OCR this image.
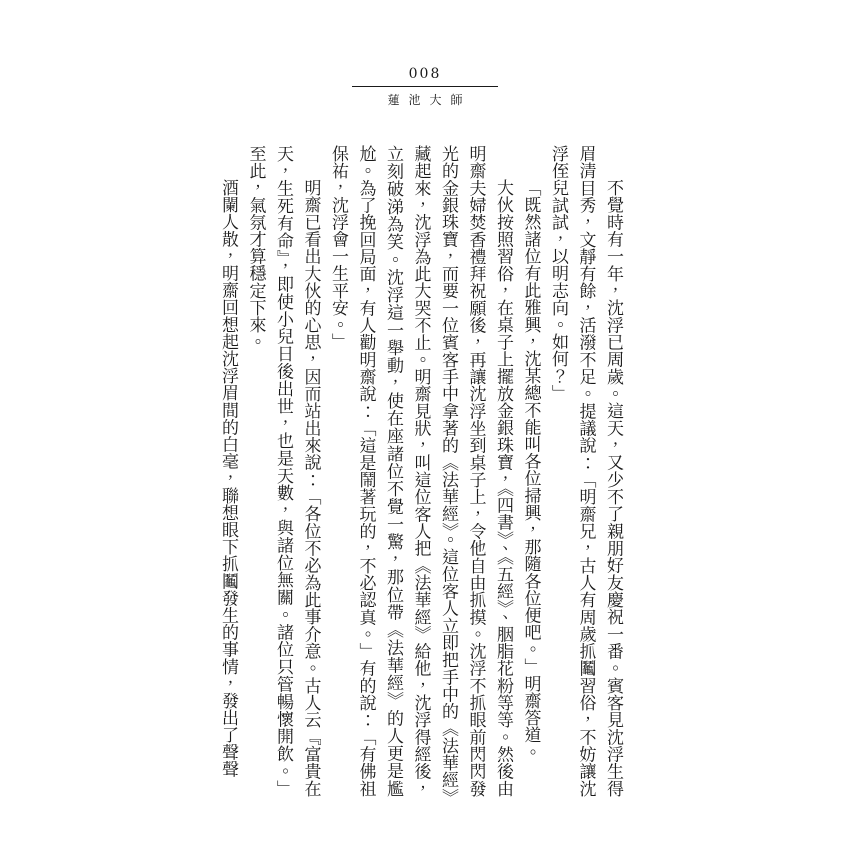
008
蓮池大師

不覺時有一年，沈浮已周歲。這天，又少不了親朋好友慶祝一番。賓客見沈浮生得眉清目秀，文靜有餘，活潑不足。提議說：「明齋兄，古人有周歲抓鬮習俗，不妨讓沈浮侄兒試試，以明志向。如何？」

「既然諸位有此雅興，沈某總不能叫各位掃興，那隨各位便吧。」明齋答道。

大伙按照習俗，在桌子上擺放金銀珠寶，《四書》、《五經》、胭脂花粉等等。然後由明齋夫婦焚香禮拜祝願後，再讓沈浮坐到桌子上，令他自由抓摸。沈浮不抓眼前閃閃發光的金銀珠寶，而要一位賓客手中拿著的《法華經》。這位客人立即把手中的《法華經》藏起來，沈浮為此大哭不止。明齋見狀，叫這位客人把《法華經》給他，沈浮得經後，立刻破涕為笑。沈浮這一舉動，使在座諸位不覺一驚，那位帶《法華經》的人更是尷尬。為了挽回局面，有人勸明齋說：「這是鬧著玩的，不必認真。」有的說：「有佛祖保祐，沈浮會一生平安。」

明齋已看出大伙的心思，因而站出來說：「各位不必為此事介意。古人云『富貴在天，生死有命』，即使小兒日後出世，也是天數，與諸位無關。諸位只管暢懷開飲。」至此，氣氛才算穩定下來。

酒闌人散，明齋回想起沈浮眉間的白毫，聯想眼下抓鬮發生的事情，發出了聲聲
